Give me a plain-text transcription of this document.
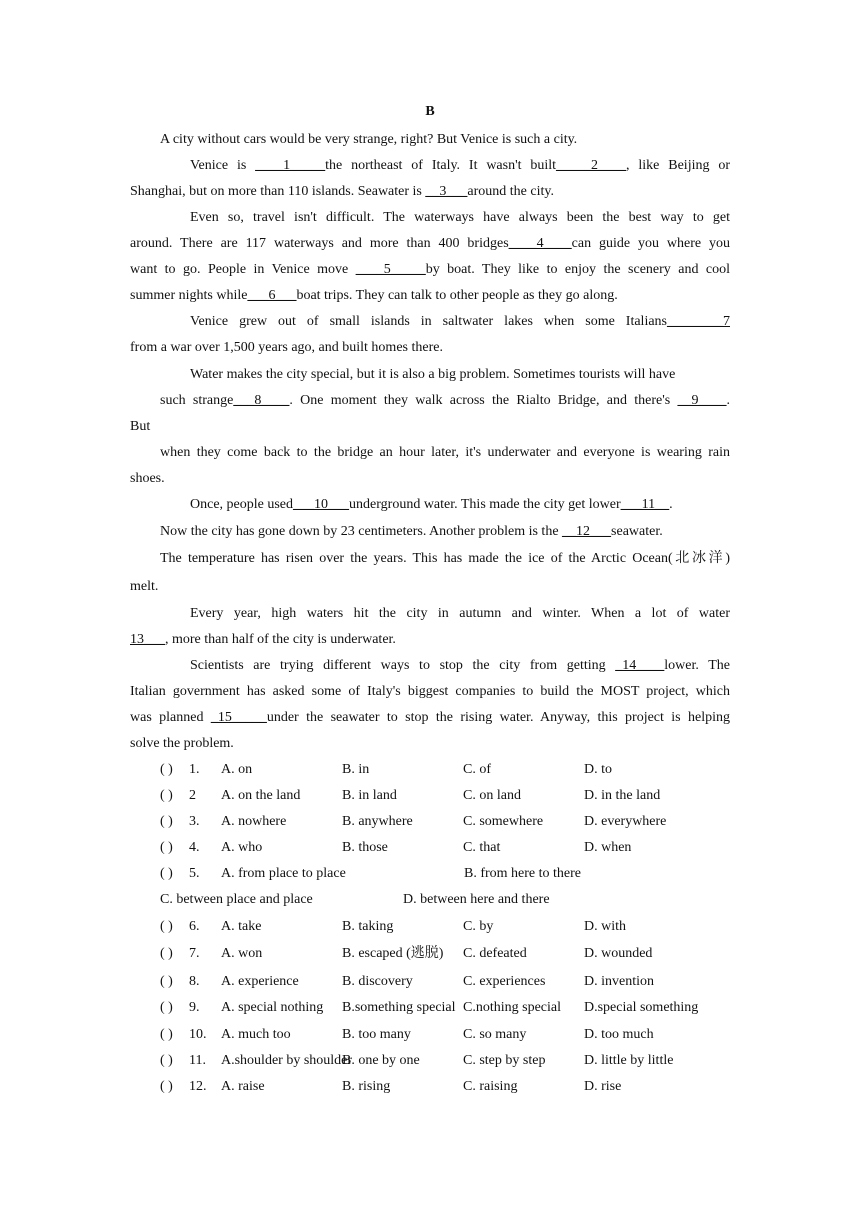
B
A city without cars would be very strange, right? But Venice is such a city.
Venice is ____1_____the northeast of Italy. It wasn't built_____2____, like Beijing or
Shanghai, but on more than 110 islands. Seawater is __3___around the city.
Even so, travel isn't difficult. The waterways have always been the best way to get
around. There are 117 waterways and more than 400 bridges____4____can guide you where you
want to go. People in Venice move ____5_____by boat. They like to enjoy the scenery and cool
summer nights while___6___boat trips. They can talk to other people as they go along.
Venice grew out of small islands in saltwater lakes when some Italians________7
from a war over 1,500 years ago, and built homes there.
Water makes the city special, but it is also a big problem. Sometimes tourists will have
such strange___8____. One moment they walk across the Rialto Bridge, and there's __9____.
But
when they come back to the bridge an hour later, it's underwater and everyone is wearing rain
shoes.
Once, people used___10___underground water. This made the city get lower___11__.
Now the city has gone down by 23 centimeters. Another problem is the __12___seawater.
The temperature has risen over the years. This has made the ice of the Arctic Ocean(北冰洋)
melt.
Every year, high waters hit the city in autumn and winter. When a lot of water
13___, more than half of the city is underwater.
Scientists are trying different ways to stop the city from getting _14____lower. The
Italian government has asked some of Italy's biggest companies to build the MOST project, which
was planned _15_____under the seawater to stop the rising water. Anyway, this project is helping
solve the problem.
( ) 1. A. on	B. in	C. of	D. to
( ) 2 A. on the land	B. in land	C. on land	D. in the land
( ) 3. A. nowhere	B. anywhere	C. somewhere	D. everywhere
( ) 4. A. who	B. those	C. that	D. when
( ) 5. A. from place to place	B. from here to there
C. between place and place	D. between here and there
( ) 6. A. take	B. taking	C. by	D. with
( ) 7. A. won	B. escaped (逃脱) C. defeated	D. wounded
( ) 8. A. experience	B. discovery	C. experiences	D. invention
( ) 9. A. special nothing B.something special C.nothing special D.special something
( ) 10. A. much too	B. too many	C. so many	D. too much
( ) 11. A.shoulder by shoulder
B. one by one	C. step by step	D. little by little
( ) 12. A. raise	B. rising	C. raising	D. rise
